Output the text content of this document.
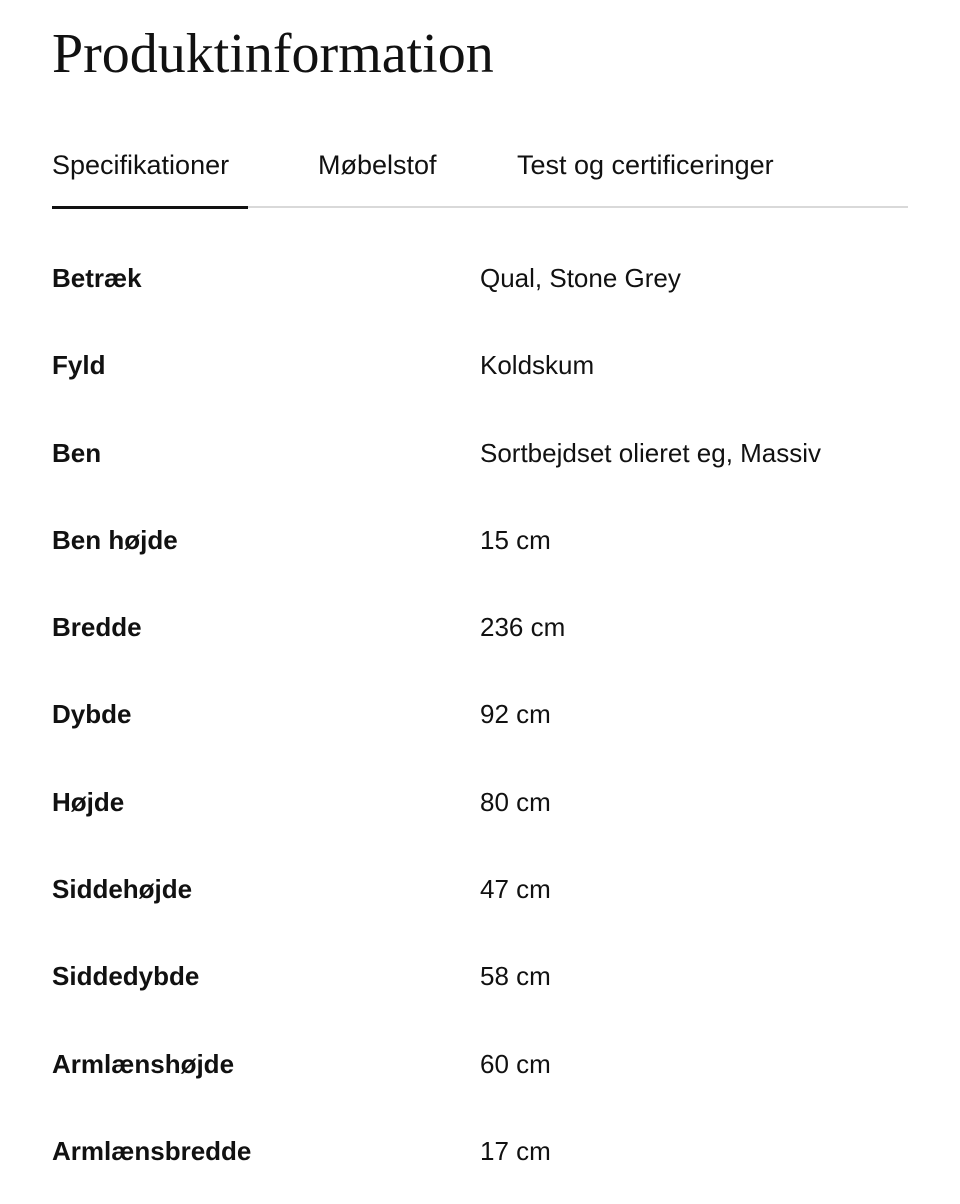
Produktinformation
Specifikationer	Møbelstof	Test og certificeringer
Betræk	Qual, Stone Grey
Fyld	Koldskum
Ben	Sortbejdset olieret eg, Massiv
Ben højde	15 cm
Bredde	236 cm
Dybde	92 cm
Højde	80 cm
Siddehøjde	47 cm
Siddedybde	58 cm
Armlænshøjde	60 cm
Armlænsbredde	17 cm
